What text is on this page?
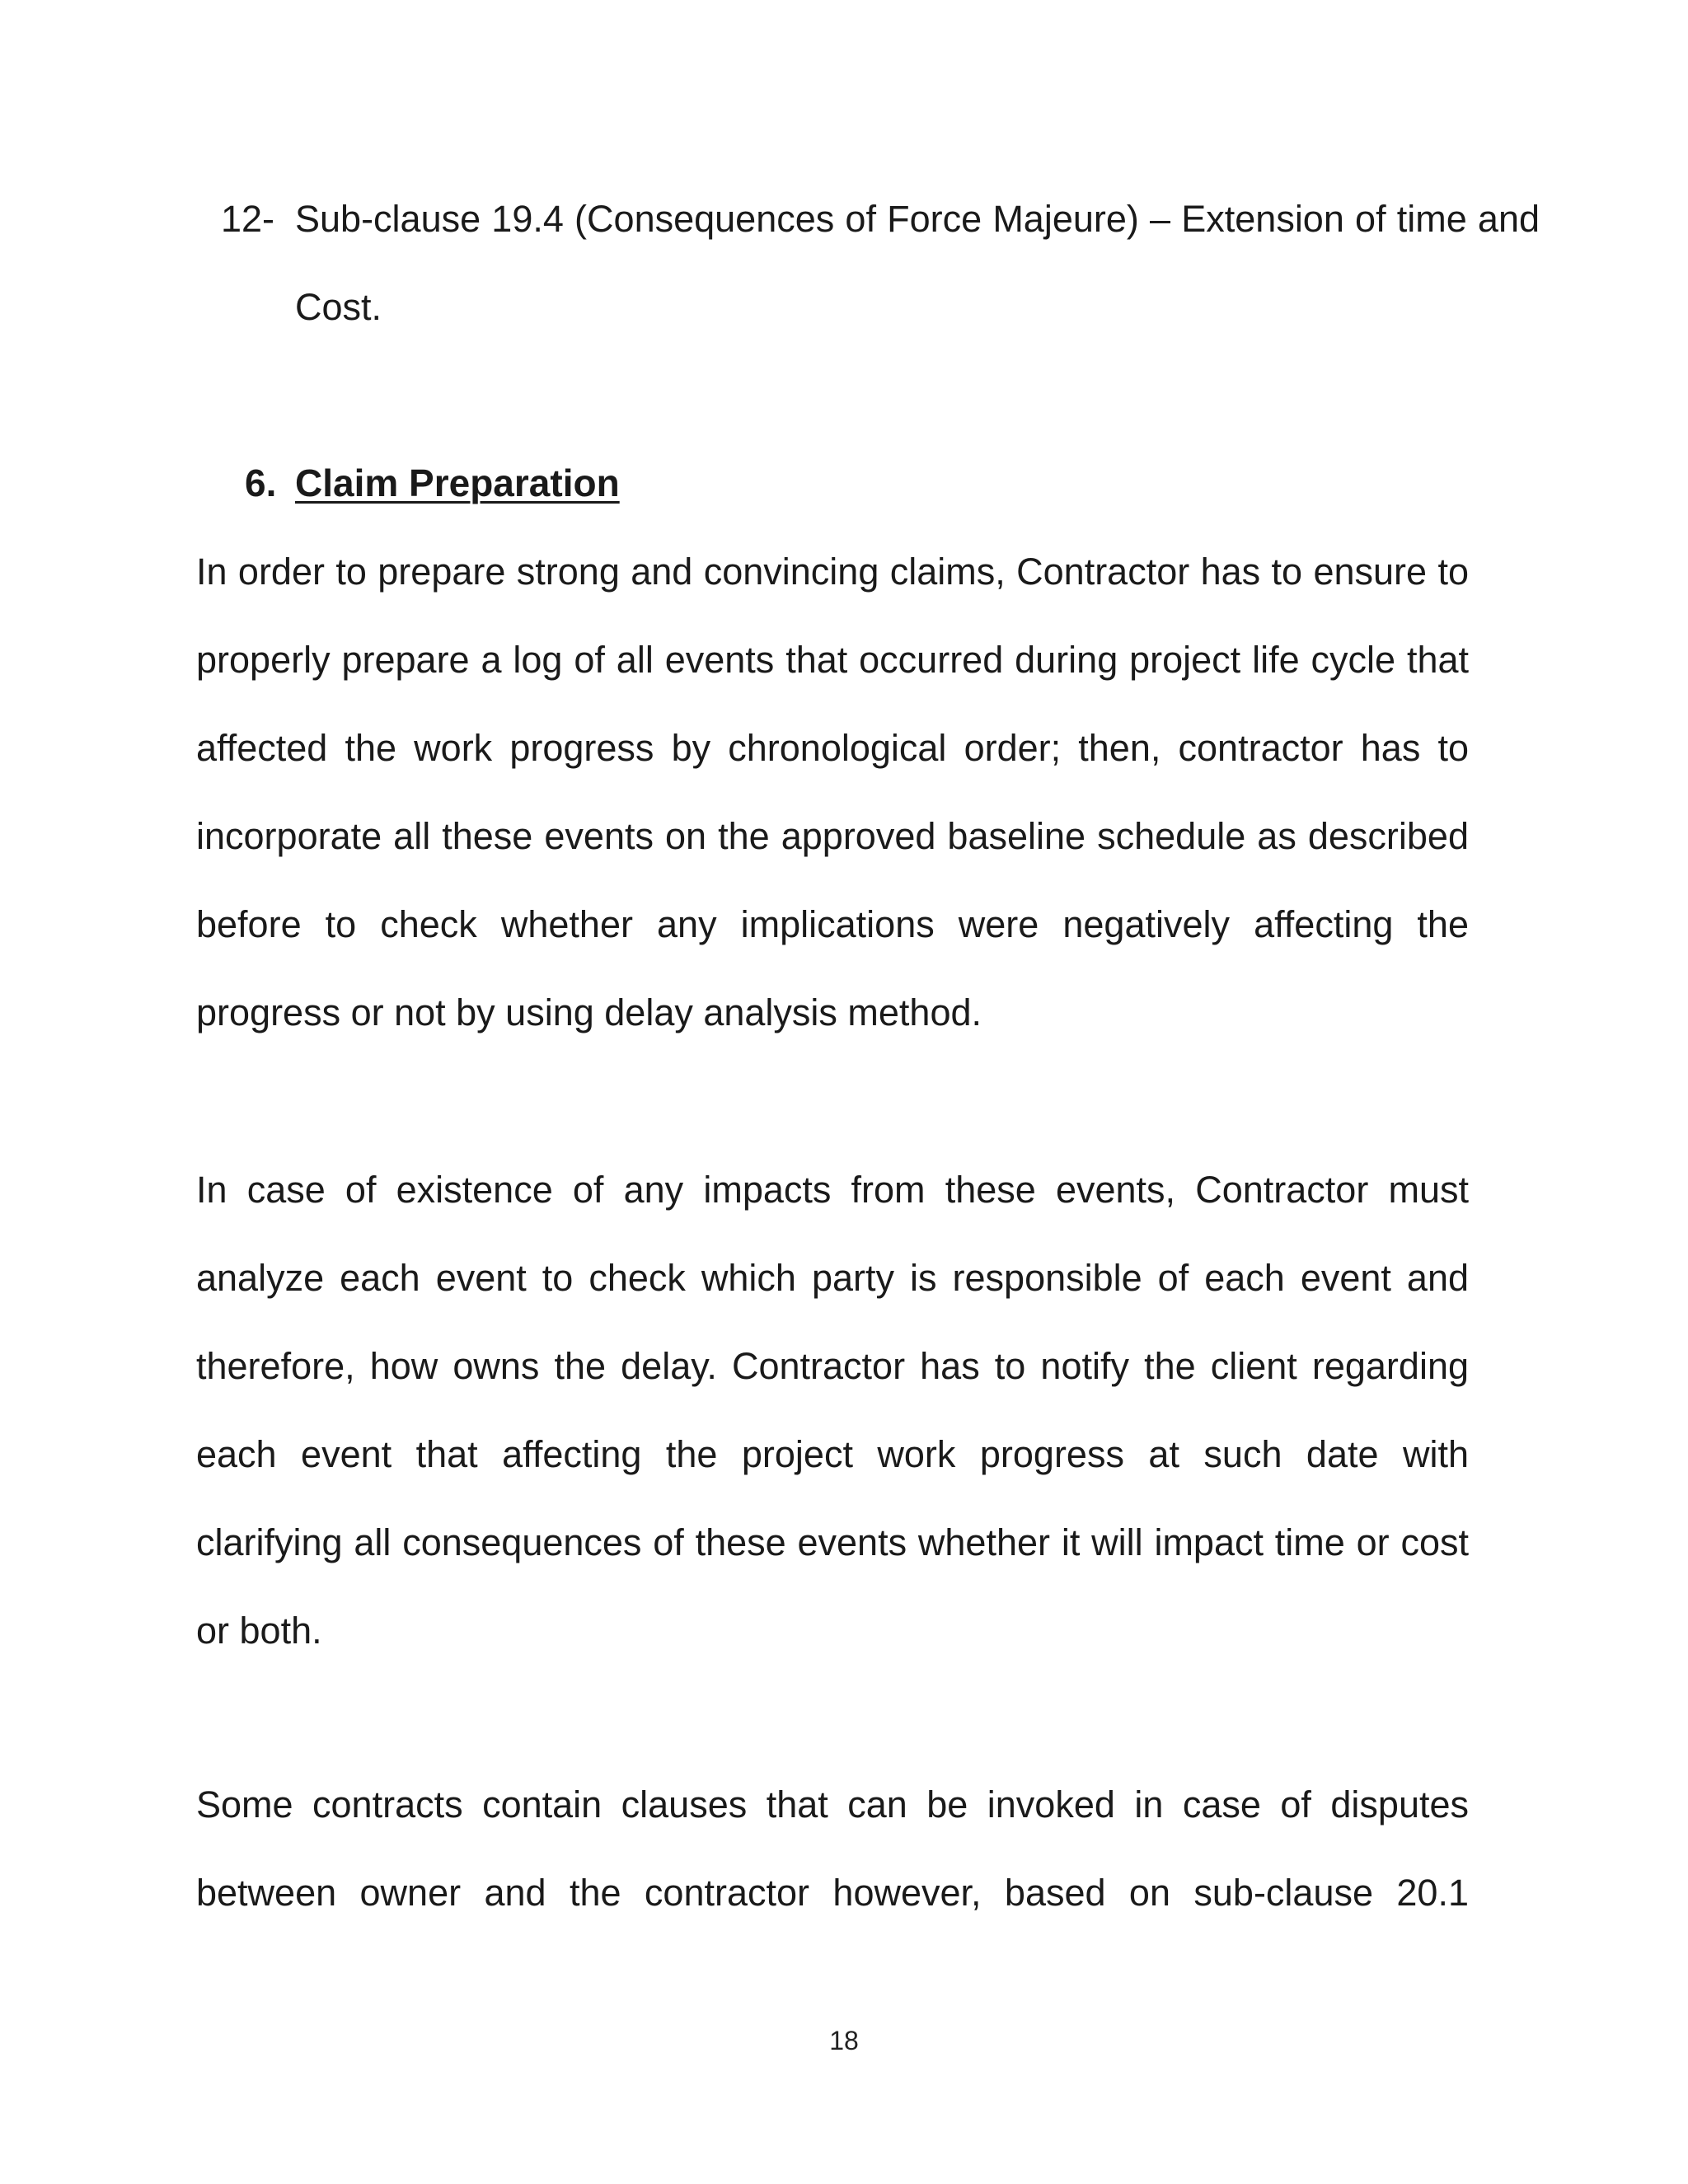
12- Sub-clause 19.4 (Consequences of Force Majeure) – Extension of time and Cost.

6. Claim Preparation

In order to prepare strong and convincing claims, Contractor has to ensure to properly prepare a log of all events that occurred during project life cycle that affected the work progress by chronological order; then, contractor has to incorporate all these events on the approved baseline schedule as described before to check whether any implications were negatively affecting the progress or not by using delay analysis method.

In case of existence of any impacts from these events, Contractor must analyze each event to check which party is responsible of each event and therefore, how owns the delay. Contractor has to notify the client regarding each event that affecting the project work progress at such date with clarifying all consequences of these events whether it will impact time or cost or both.

Some contracts contain clauses that can be invoked in case of disputes between owner and the contractor however, based on sub-clause 20.1

18
